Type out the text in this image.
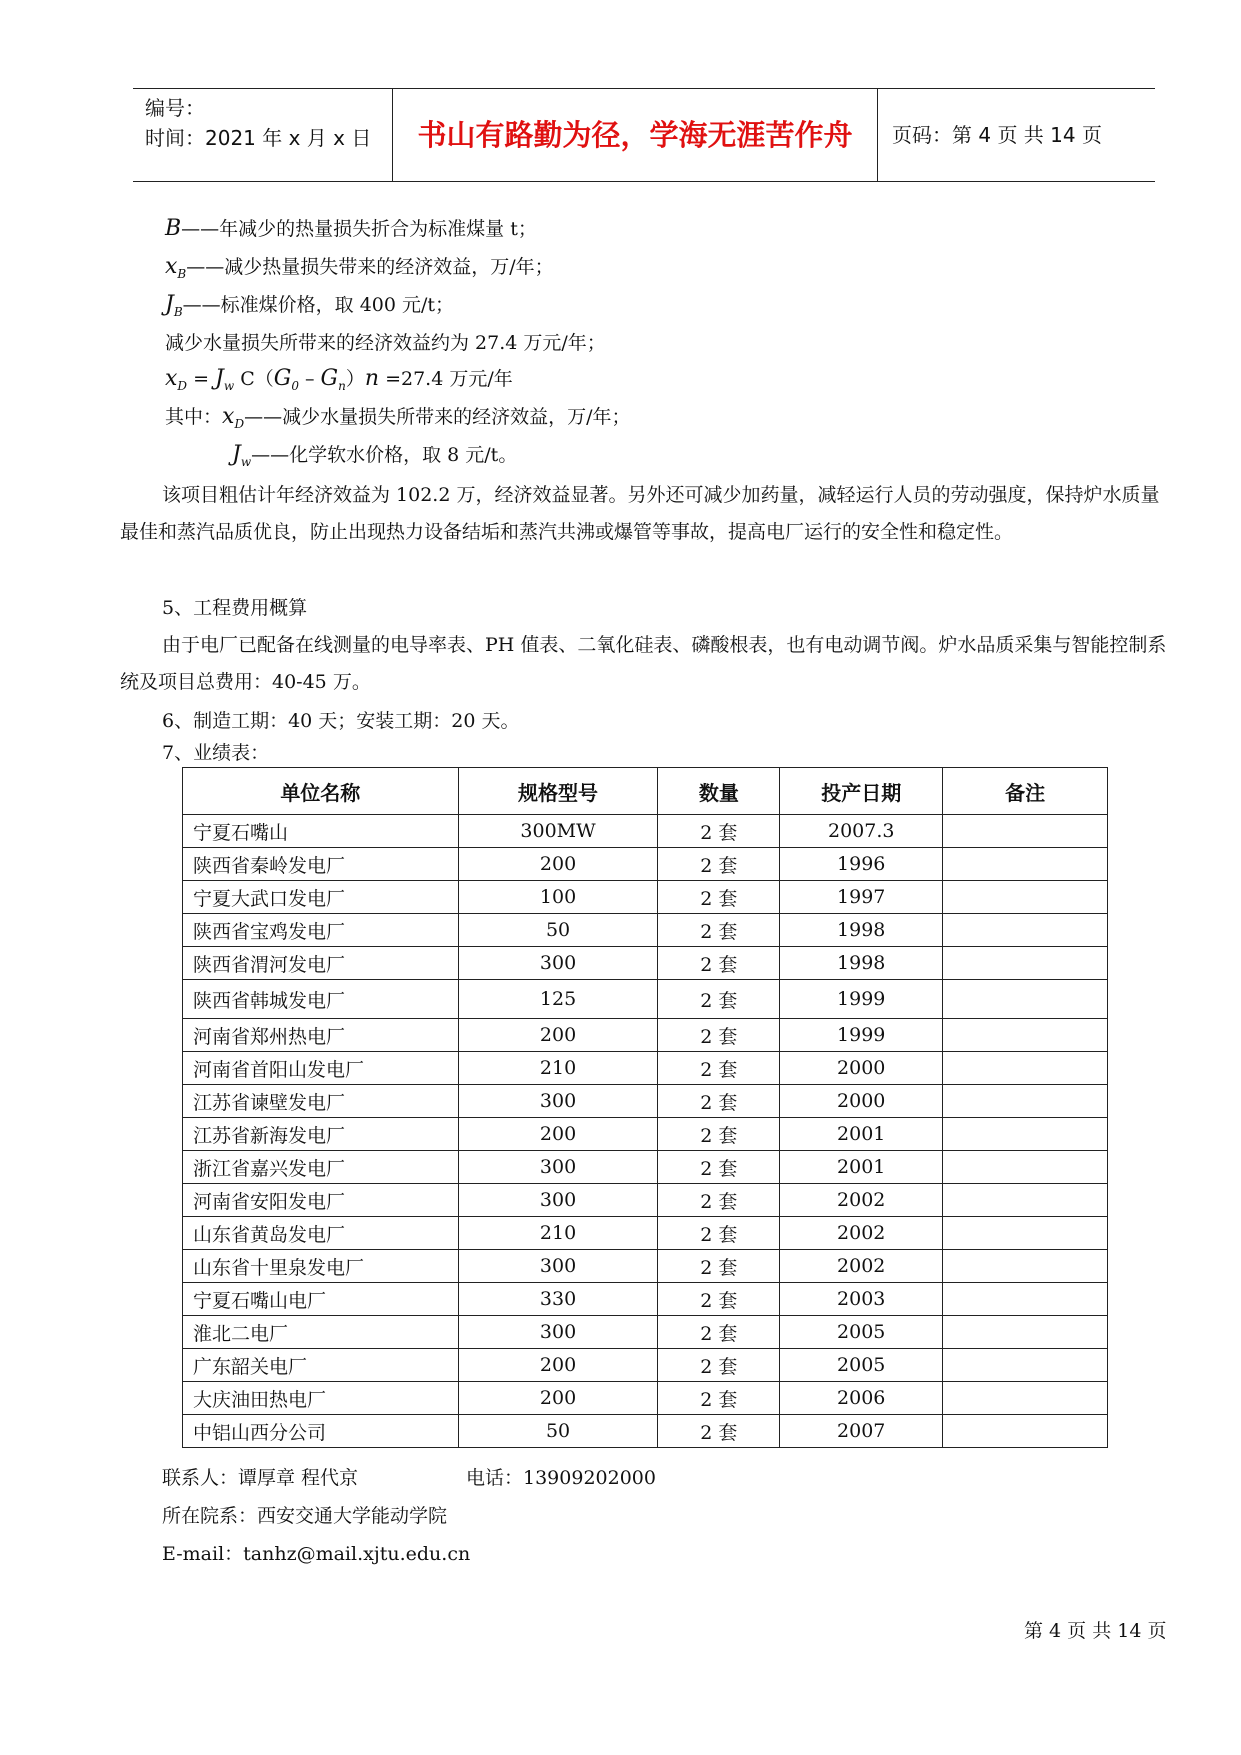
编号：
时间：2021 年 x 月 x 日	书山有路勤为径，学海无涯苦作舟	页码：第 4 页 共 14 页
B——年减少的热量损失折合为标准煤量 t；
$x_B——$减少热量损失带来的经济效益，万/年；
$J_B——$标准煤价格，取 400 元/t；
减少水量损失所带来的经济效益约为 27.4 万元/年；
$x_D = J_w$ $C(G_0 - G_n)n =27.4$ 万元/年
其中：$x_D——$减少水量损失所带来的经济效益，万/年；
$J_w——$化学软水价格，取 8 元/t。
该项目粗估计年经济效益为 102.2 万，经济效益显著。另外还可减少加药量，减轻运行人员的劳动强度，保持炉水质量最佳和蒸汽品质优良，防止出现热力设备结垢和蒸汽共沸或爆管等事故，提高电厂运行的安全性和稳定性。
5、工程费用概算
由于电厂已配备在线测量的电导率表、PH 值表、二氧化硅表、磷酸根表，也有电动调节阀。炉水品质采集与智能控制系统及项目总费用：40-45 万。
6、制造工期：40 天；安装工期：20 天。
7、业绩表：
单位名称	规格型号	数量	投产日期	备注
宁夏石嘴山	300MW	2 套	2007.3	
陕西省秦岭发电厂	200	2 套	1996	
宁夏大武口发电厂	100	2 套	1997	
陕西省宝鸡发电厂	50	2 套	1998	
陕西省渭河发电厂	300	2 套	1998	
陕西省韩城发电厂	125	2 套	1999	
河南省郑州热电厂	200	2 套	1999	
河南省首阳山发电厂	210	2 套	2000	
江苏省谏壁发电厂	300	2 套	2000	
江苏省新海发电厂	200	2 套	2001	
浙江省嘉兴发电厂	300	2 套	2001	
河南省安阳发电厂	300	2 套	2002	
山东省黄岛发电厂	210	2 套	2002	
山东省十里泉发电厂	300	2 套	2002	
宁夏石嘴山电厂	330	2 套	2003	
淮北二电厂	300	2 套	2005	
广东韶关电厂	200	2 套	2005	
大庆油田热电厂	200	2 套	2006	
中铝山西分公司	50	2 套	2007	
联系人：谭厚章 程代京	电话：13909202000
所在院系：西安交通大学能动学院
E-mail：tanhz@mail.xjtu.edu.cn
第 4 页 共 14 页
